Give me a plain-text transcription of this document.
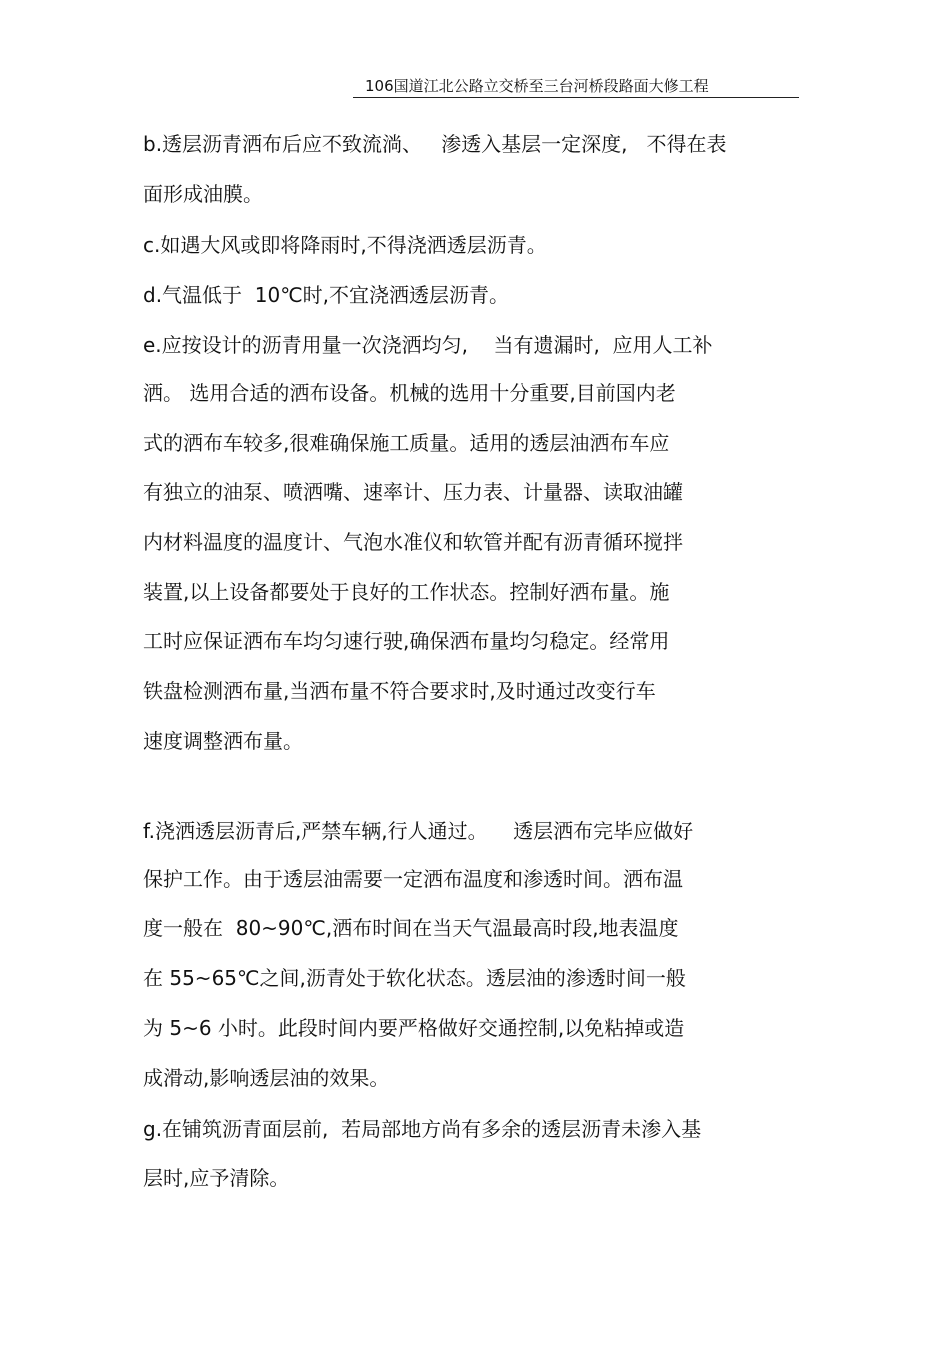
106国道江北公路立交桥至三台河桥段路面大修工程
b.透层沥青洒布后应不致流淌、   渗透入基层一定深度,   不得在表
面形成油膜。
c.如遇大风或即将降雨时,不得浇洒透层沥青。
d.气温低于  10℃时,不宜浇洒透层沥青。
e.应按设计的沥青用量一次浇洒均匀,    当有遗漏时,  应用人工补
洒。 选用合适的洒布设备。机械的选用十分重要,目前国内老
式的洒布车较多,很难确保施工质量。适用的透层油洒布车应
有独立的油泵、喷洒嘴、速率计、压力表、计量器、读取油罐
内材料温度的温度计、气泡水准仪和软管并配有沥青循环搅拌
装置,以上设备都要处于良好的工作状态。控制好洒布量。施
工时应保证洒布车均匀速行驶,确保洒布量均匀稳定。经常用
铁盘检测洒布量,当洒布量不符合要求时,及时通过改变行车
速度调整洒布量。
f.浇洒透层沥青后,严禁车辆,行人通过。    透层洒布完毕应做好
保护工作。由于透层油需要一定洒布温度和渗透时间。洒布温
度一般在  80~90℃,洒布时间在当天气温最高时段,地表温度
在 55~65℃之间,沥青处于软化状态。透层油的渗透时间一般
为 5~6 小时。此段时间内要严格做好交通控制,以免粘掉或造
成滑动,影响透层油的效果。
g.在铺筑沥青面层前,  若局部地方尚有多余的透层沥青未渗入基
层时,应予清除。
